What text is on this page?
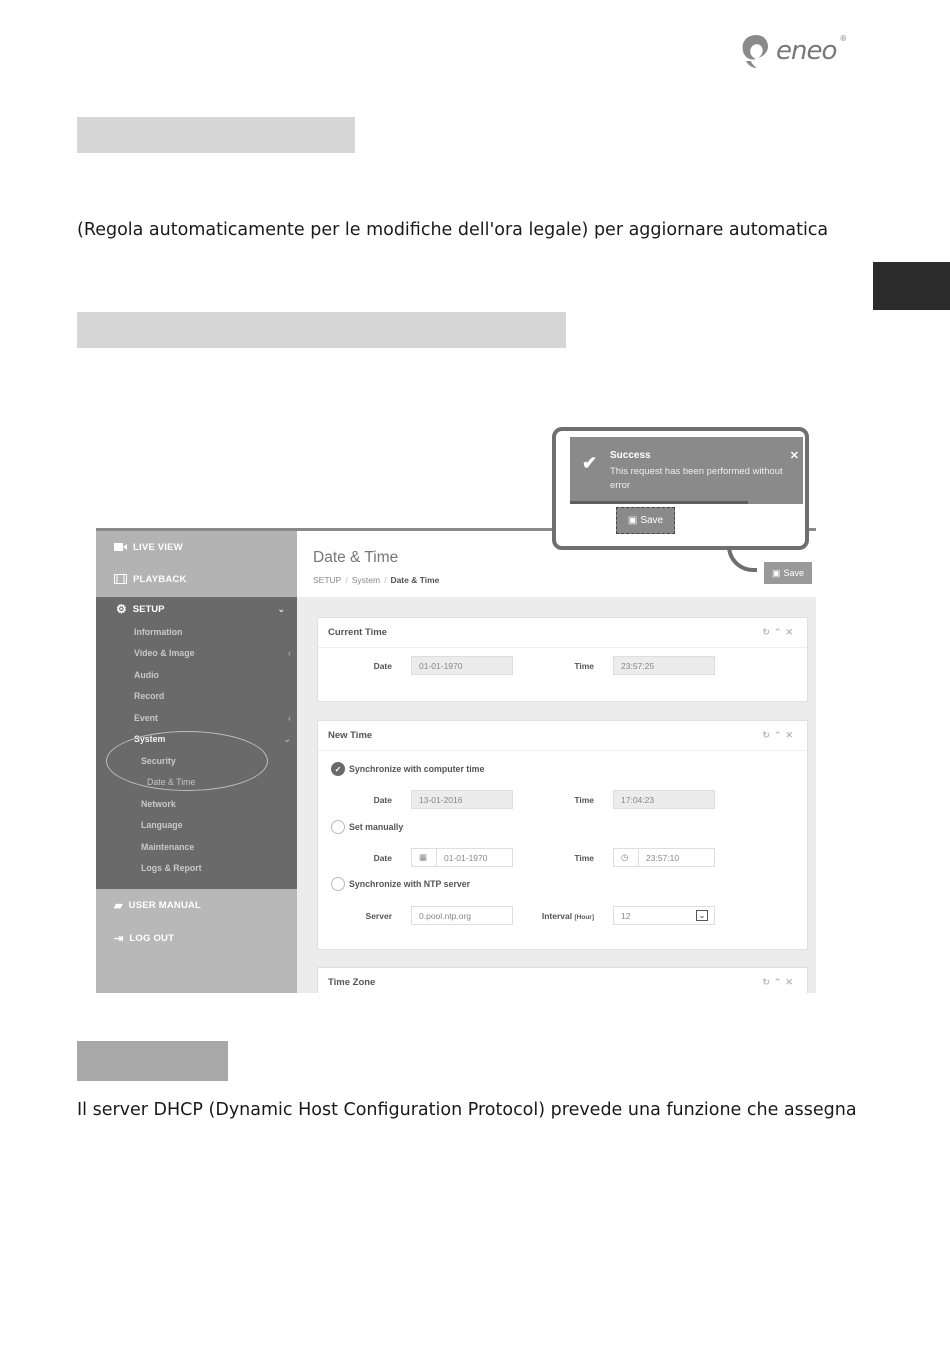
eneo ®
(Regola automaticamente per le modifiche dell'ora legale) per aggiornare automatica
LIVE VIEW
PLAYBACK
⚙ SETUP	⌄
Information
Video & Image	‹
Audio
Record
Event	‹
System	⌄
Security
Date & Time
Network
Language
Maintenance
Logs & Report
▰ USER MANUAL
⇥ LOG OUT
Date & Time
SETUP / System / Date & Time
▣ Save
Current Time	↻⌃✕
Date	01-01-1970	Time	23:57:25
New Time	↻⌃✕
✓ Synchronize with computer time
Date	13-01-2016	Time	17:04:23
Set manually
Date	▦	01-01-1970	Time	◷	23:57:10
Synchronize with NTP server
Server	0.pool.ntp.org	Interval [Hour]	12	⌄
Time Zone	↻⌃✕
✔ Success
This request has been performed without error
✕
▣ Save
Il server DHCP (Dynamic Host Configuration Protocol) prevede una funzione che assegna
